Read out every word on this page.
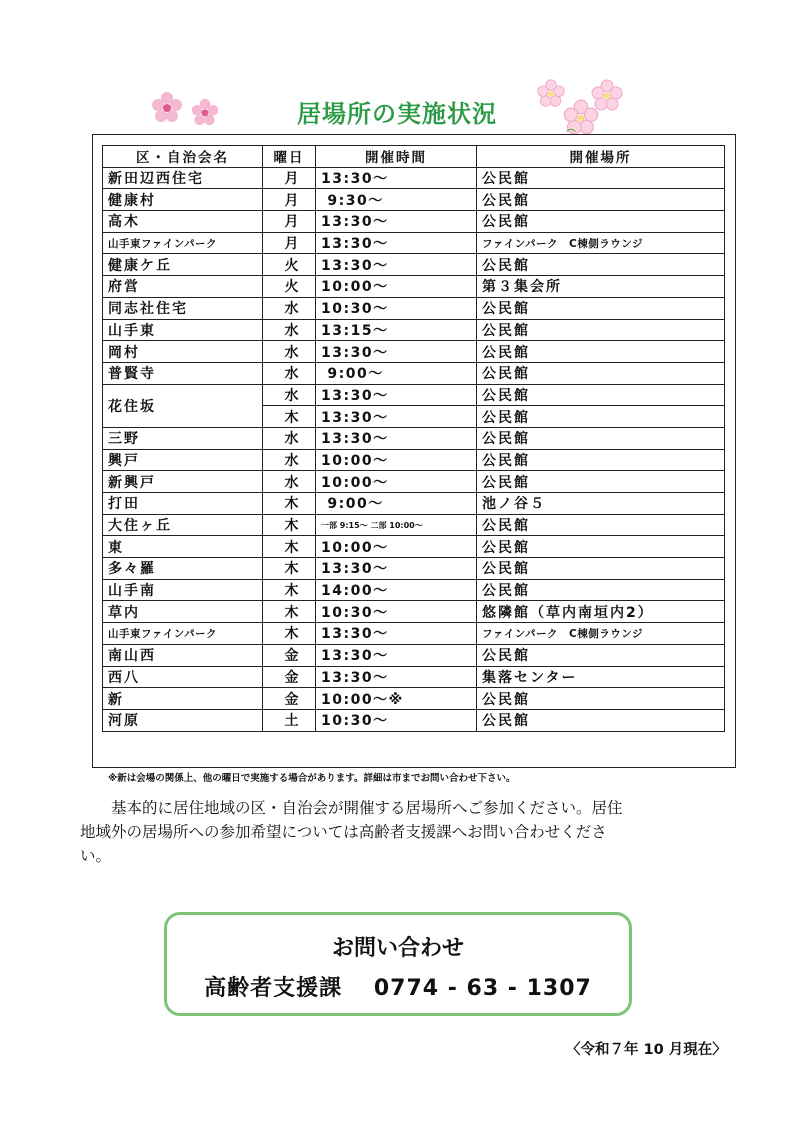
居場所の実施状況
区・自治会名	曜日	開催時間	開催場所
新田辺西住宅	月	13:30～	公民館
健康村	月	9:30～	公民館
高木	月	13:30～	公民館
山手東ファインパーク	月	13:30～	ファインパーク　C棟側ラウンジ
健康ケ丘	火	13:30～	公民館
府営	火	10:00～	第３集会所
同志社住宅	水	10:30～	公民館
山手東	水	13:15～	公民館
岡村	水	13:30～	公民館
普賢寺	水	9:00～	公民館
花住坂	水	13:30～	公民館
	木	13:30～	公民館
三野	水	13:30～	公民館
興戸	水	10:00～	公民館
新興戸	水	10:00～	公民館
打田	木	9:00～	池ノ谷５
大住ヶ丘	木	一部 9:15～ 二部 10:00～	公民館
東	木	10:00～	公民館
多々羅	木	13:30～	公民館
山手南	木	14:00～	公民館
草内	木	10:30～	悠隣館（草内南垣内2）
山手東ファインパーク	木	13:30～	ファインパーク　C棟側ラウンジ
南山西	金	13:30～	公民館
西八	金	13:30～	集落センター
新	金	10:00～※	公民館
河原	土	10:30～	公民館
※新は会場の関係上、他の曜日で実施する場合があります。詳細は市までお問い合わせ下さい。
　　基本的に居住地域の区・自治会が開催する居場所へご参加ください。居住
地域外の居場所への参加希望については高齢者支援課へお問い合わせくださ
い。
お問い合わせ
高齢者支援課　 0774 - 63 - 1307
〈令和７年 10 月現在〉
